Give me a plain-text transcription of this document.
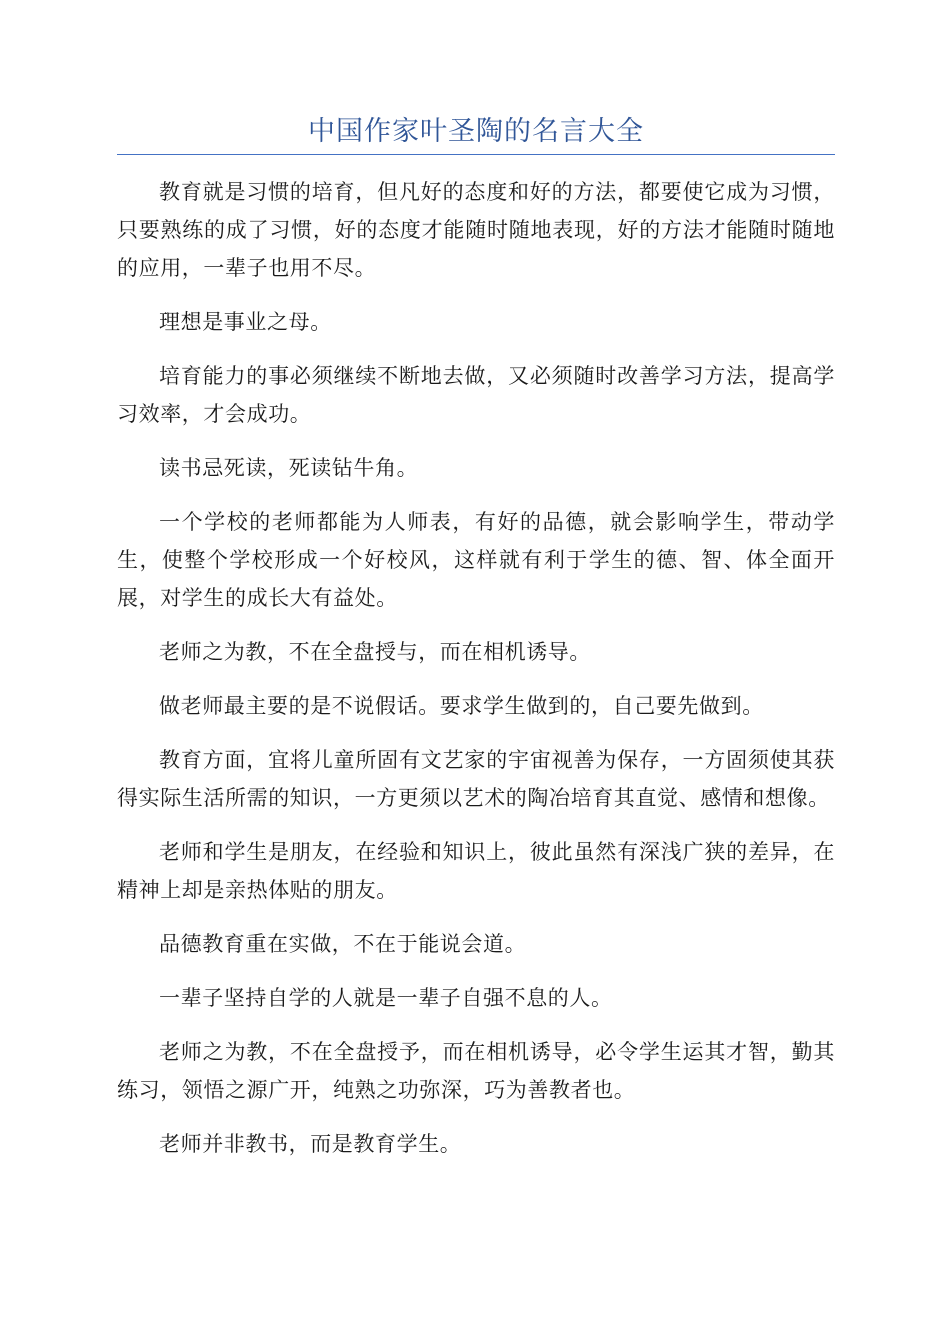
中国作家叶圣陶的名言大全

教育就是习惯的培育，但凡好的态度和好的方法，都要使它成为习惯，只要熟练的成了习惯，好的态度才能随时随地表现，好的方法才能随时随地的应用，一辈子也用不尽。

理想是事业之母。

培育能力的事必须继续不断地去做，又必须随时改善学习方法，提高学习效率，才会成功。

读书忌死读，死读钻牛角。

一个学校的老师都能为人师表，有好的品德，就会影响学生，带动学生，使整个学校形成一个好校风，这样就有利于学生的德、智、体全面开展，对学生的成长大有益处。

老师之为教，不在全盘授与，而在相机诱导。

做老师最主要的是不说假话。要求学生做到的，自己要先做到。

教育方面，宜将儿童所固有文艺家的宇宙视善为保存，一方固须使其获得实际生活所需的知识，一方更须以艺术的陶冶培育其直觉、感情和想像。

老师和学生是朋友，在经验和知识上，彼此虽然有深浅广狭的差异，在精神上却是亲热体贴的朋友。

品德教育重在实做，不在于能说会道。

一辈子坚持自学的人就是一辈子自强不息的人。

老师之为教，不在全盘授予，而在相机诱导，必令学生运其才智，勤其练习，领悟之源广开，纯熟之功弥深，巧为善教者也。

老师并非教书，而是教育学生。
